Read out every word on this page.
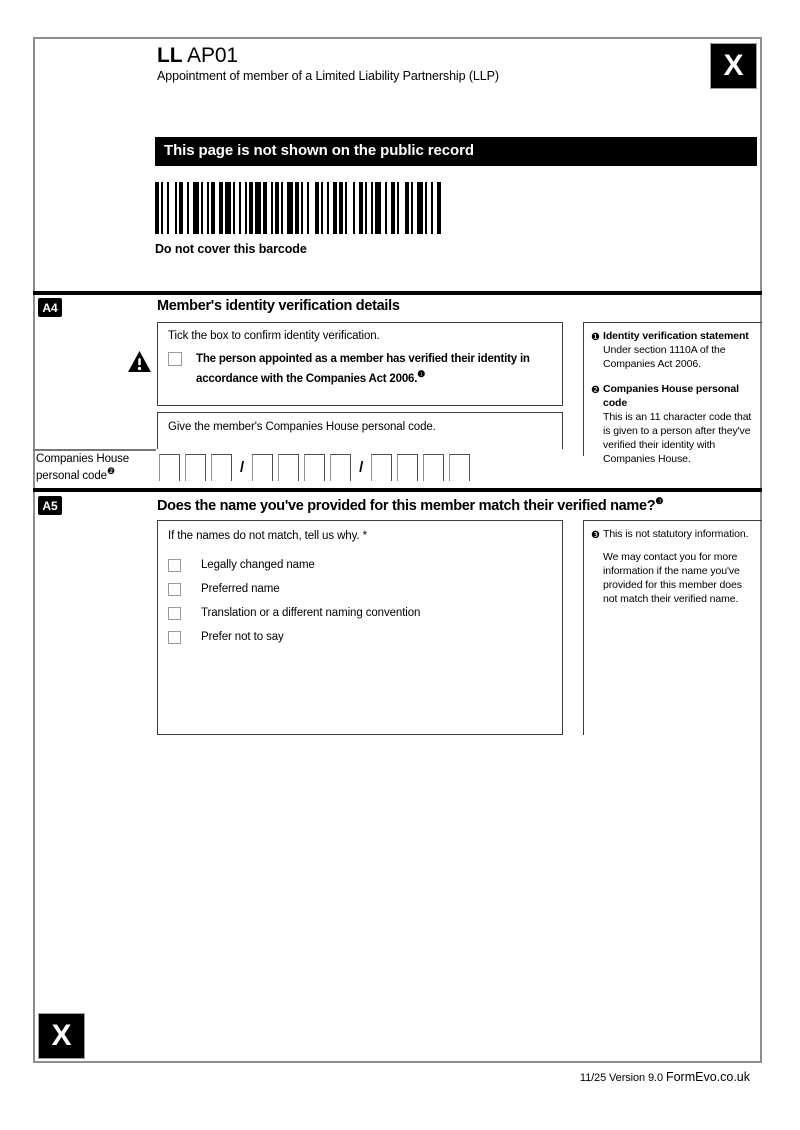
LL AP01
Appointment of member of a Limited Liability Partnership (LLP)	X
This page is not shown on the public record
Do not cover this barcode
A4	Member's identity verification details
Tick the box to confirm identity verification.
The person appointed as a member has verified their identity in accordance with the Companies Act 2006.$^❶$
Give the member's Companies House personal code.
Companies House
personal code$^❷$	/	/
❶ Identity verification statement
Under section 1110A of the Companies Act 2006.
❷ Companies House personal code
This is an 11 character code that is given to a person after they've verified their identity with Companies House.
A5	Does the name you've provided for this member match their verified name?$^❸$
If the names do not match, tell us why. *
Legally changed name
Preferred name
Translation or a different naming convention
Prefer not to say
❸ This is not statutory information.
We may contact you for more information if the name you've provided for this member does not match their verified name.
X
11/25 Version 9.0 FormEvo.co.uk
